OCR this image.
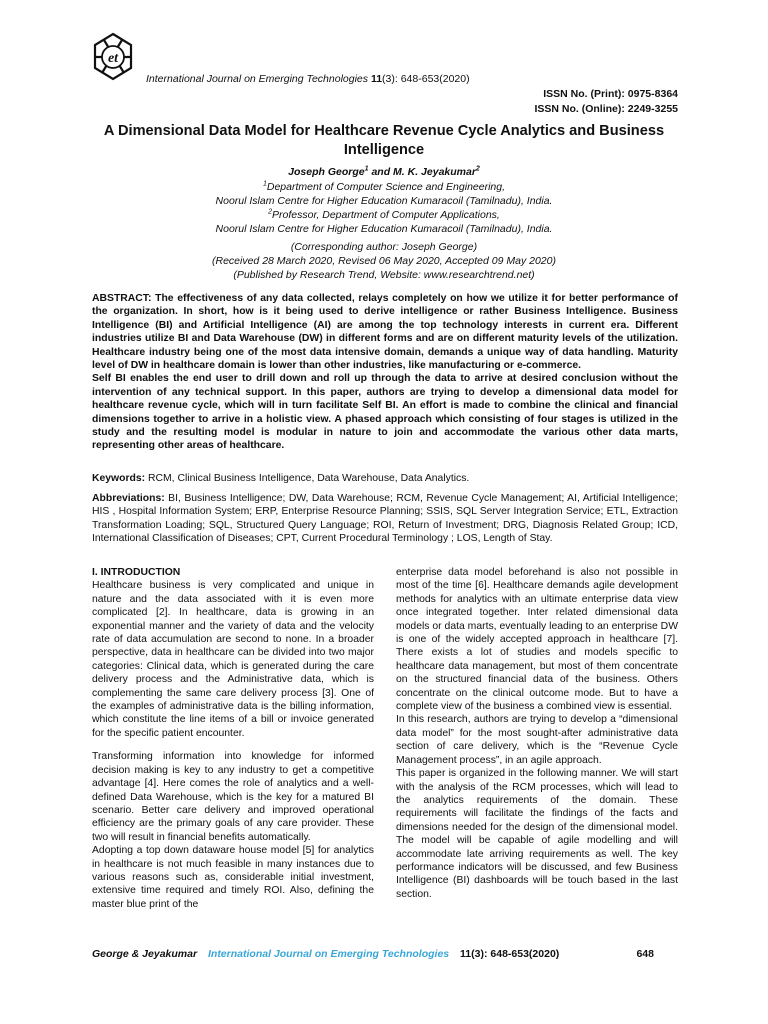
et
International Journal on Emerging Technologies 11(3): 648-653(2020)
ISSN No. (Print): 0975-8364
ISSN No. (Online): 2249-3255
A Dimensional Data Model for Healthcare Revenue Cycle Analytics and Business Intelligence
Joseph George$^1$ and M. K. Jeyakumar$^2$
$^1$Department of Computer Science and Engineering,
Noorul Islam Centre for Higher Education Kumaracoil (Tamilnadu), India.
$^2$Professor, Department of Computer Applications,
Noorul Islam Centre for Higher Education Kumaracoil (Tamilnadu), India.
(Corresponding author: Joseph George)
(Received 28 March 2020, Revised 06 May 2020, Accepted 09 May 2020)
(Published by Research Trend, Website: www.researchtrend.net)

ABSTRACT: The effectiveness of any data collected, relays completely on how we utilize it for better performance of the organization. In short, how is it being used to derive intelligence or rather Business Intelligence. Business Intelligence (BI) and Artificial Intelligence (AI) are among the top technology interests in current era. Different industries utilize BI and Data Warehouse (DW) in different forms and are on different maturity levels of the utilization. Healthcare industry being one of the most data intensive domain, demands a unique way of data handling. Maturity level of DW in healthcare domain is lower than other industries, like manufacturing or e-commerce.

Self BI enables the end user to drill down and roll up through the data to arrive at desired conclusion without the intervention of any technical support. In this paper, authors are trying to develop a dimensional data model for healthcare revenue cycle, which will in turn facilitate Self BI. An effort is made to combine the clinical and financial dimensions together to arrive in a holistic view. A phased approach which consisting of four stages is utilized in the study and the resulting model is modular in nature to join and accommodate the various other data marts, representing other areas of healthcare.

Keywords: RCM, Clinical Business Intelligence, Data Warehouse, Data Analytics.

Abbreviations: BI, Business Intelligence; DW, Data Warehouse; RCM, Revenue Cycle Management; AI, Artificial Intelligence; HIS , Hospital Information System; ERP, Enterprise Resource Planning; SSIS, SQL Server Integration Service; ETL, Extraction Transformation Loading; SQL, Structured Query Language; ROI, Return of Investment; DRG, Diagnosis Related Group; ICD, International Classification of Diseases; CPT, Current Procedural Terminology ; LOS, Length of Stay.

I. INTRODUCTION

Healthcare business is very complicated and unique in nature and the data associated with it is even more complicated [2]. In healthcare, data is growing in an exponential manner and the variety of data and the velocity rate of data accumulation are second to none. In a broader perspective, data in healthcare can be divided into two major categories: Clinical data, which is generated during the care delivery process and the Administrative data, which is complementing the same care delivery process [3]. One of the examples of administrative data is the billing information, which constitute the line items of a bill or invoice generated for the specific patient encounter.

Transforming information into knowledge for informed decision making is key to any industry to get a competitive advantage [4]. Here comes the role of analytics and a well-defined Data Warehouse, which is the key for a matured BI scenario. Better care delivery and improved operational efficiency are the primary goals of any care provider. These two will result in financial benefits automatically.

Adopting a top down dataware house model [5] for analytics in healthcare is not much feasible in many instances due to various reasons such as, considerable initial investment, extensive time required and timely ROI. Also, defining the master blue print of the

enterprise data model beforehand is also not possible in most of the time [6]. Healthcare demands agile development methods for analytics with an ultimate enterprise data view once integrated together. Inter related dimensional data models or data marts, eventually leading to an enterprise DW is one of the widely accepted approach in healthcare [7]. There exists a lot of studies and models specific to healthcare data management, but most of them concentrate on the structured financial data of the business. Others concentrate on the clinical outcome mode. But to have a complete view of the business a combined view is essential.

In this research, authors are trying to develop a “dimensional data model” for the most sought-after administrative data section of care delivery, which is the “Revenue Cycle Management process”, in an agile approach.

This paper is organized in the following manner. We will start with the analysis of the RCM processes, which will lead to the analytics requirements of the domain. These requirements will facilitate the findings of the facts and dimensions needed for the design of the dimensional model. The model will be capable of agile modelling and will accommodate late arriving requirements as well. The key performance indicators will be discussed, and few Business Intelligence (BI) dashboards will be touch based in the last section.

George & Jeyakumar International Journal on Emerging Technologies 11(3): 648-653(2020)	648
